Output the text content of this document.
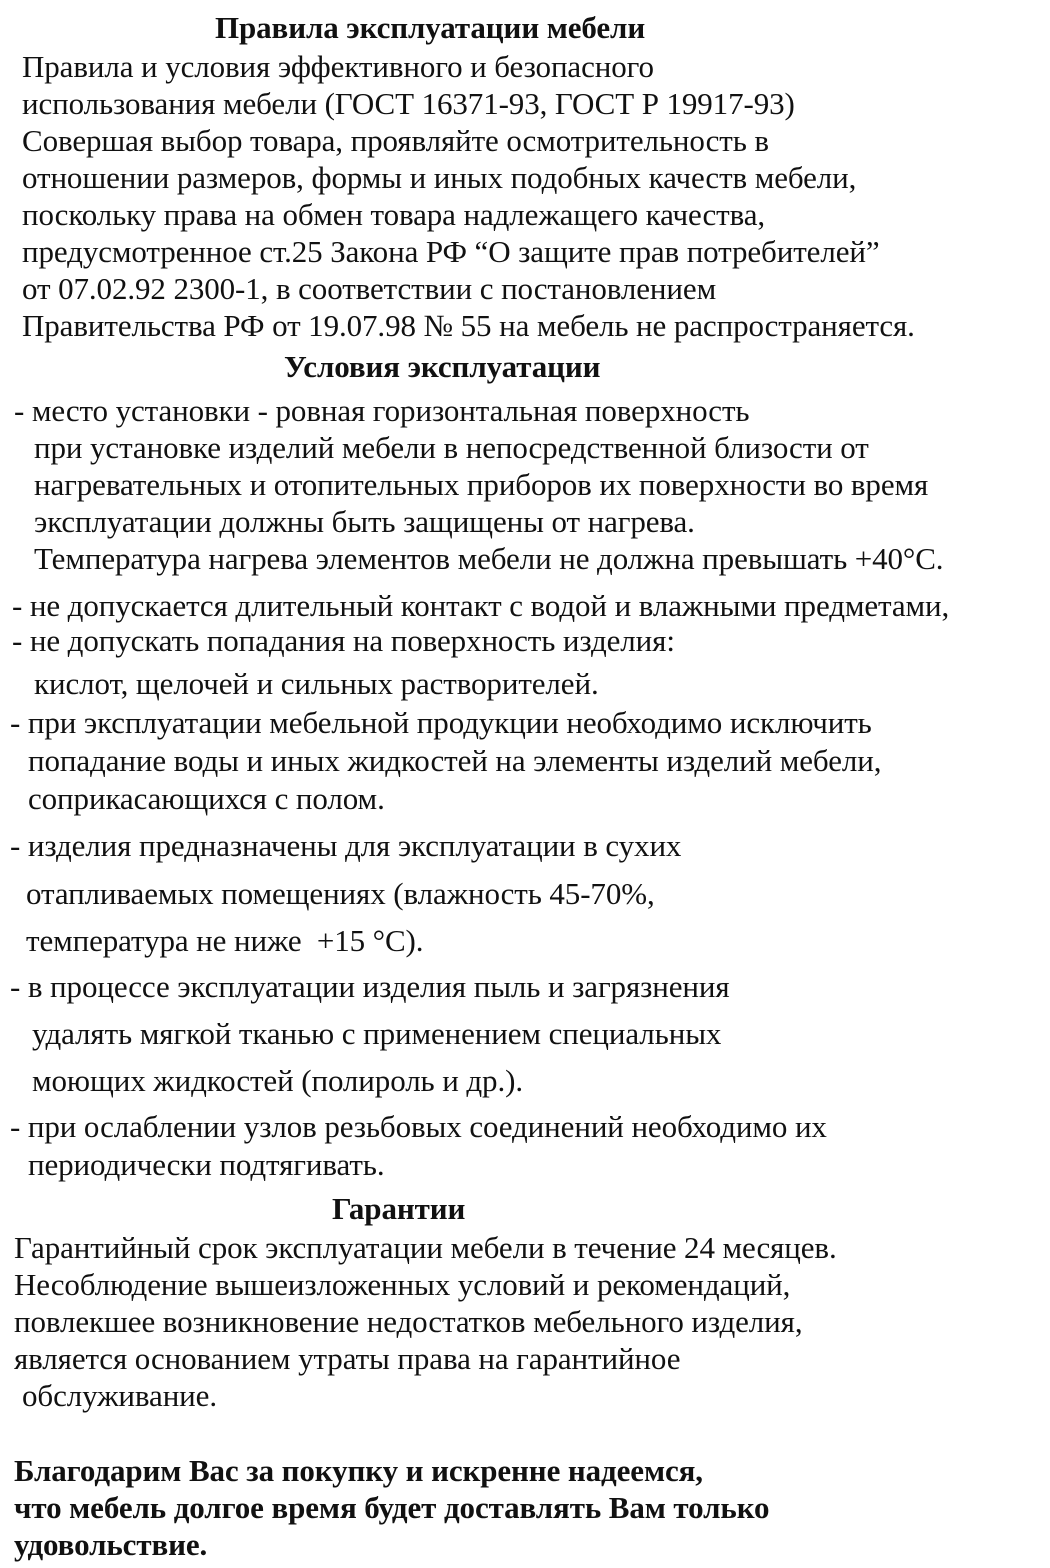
Правила эксплуатации мебели
Правила и условия эффективного и безопасного
использования мебели (ГОСТ 16371-93, ГОСТ Р 19917-93)
Совершая выбор товара, проявляйте осмотрительность в
отношении размеров, формы и иных подобных качеств мебели,
поскольку права на обмен товара надлежащего качества,
предусмотренное ст.25 Закона РФ “О защите прав потребителей”
от 07.02.92 2300-1, в соответствии с постановлением
Правительства РФ от 19.07.98 № 55 на мебель не распространяется.
Условия эксплуатации
- место установки - ровная горизонтальная поверхность
при установке изделий мебели в непосредственной близости от
нагревательных и отопительных приборов их поверхности во время
эксплуатации должны быть защищены от нагрева.
Температура нагрева элементов мебели не должна превышать +40°С.
- не допускается длительный контакт с водой и влажными предметами,
- не допускать попадания на поверхность изделия:
кислот, щелочей и сильных растворителей.
- при эксплуатации мебельной продукции необходимо исключить
попадание воды и иных жидкостей на элементы изделий мебели,
соприкасающихся с полом.
- изделия предназначены для эксплуатации в сухих
отапливаемых помещениях (влажность 45-70%,
температура не ниже  +15 °С).
- в процессе эксплуатации изделия пыль и загрязнения
удалять мягкой тканью с применением специальных
моющих жидкостей (полироль и др.).
- при ослаблении узлов резьбовых соединений необходимо их
периодически подтягивать.
Гарантии
Гарантийный срок эксплуатации мебели в течение 24 месяцев.
Несоблюдение вышеизложенных условий и рекомендаций,
повлекшее возникновение недостатков мебельного изделия,
является основанием утраты права на гарантийное
обслуживание.
Благодарим Вас за покупку и искренне надеемся,
что мебель долгое время будет доставлять Вам только
удовольствие.
